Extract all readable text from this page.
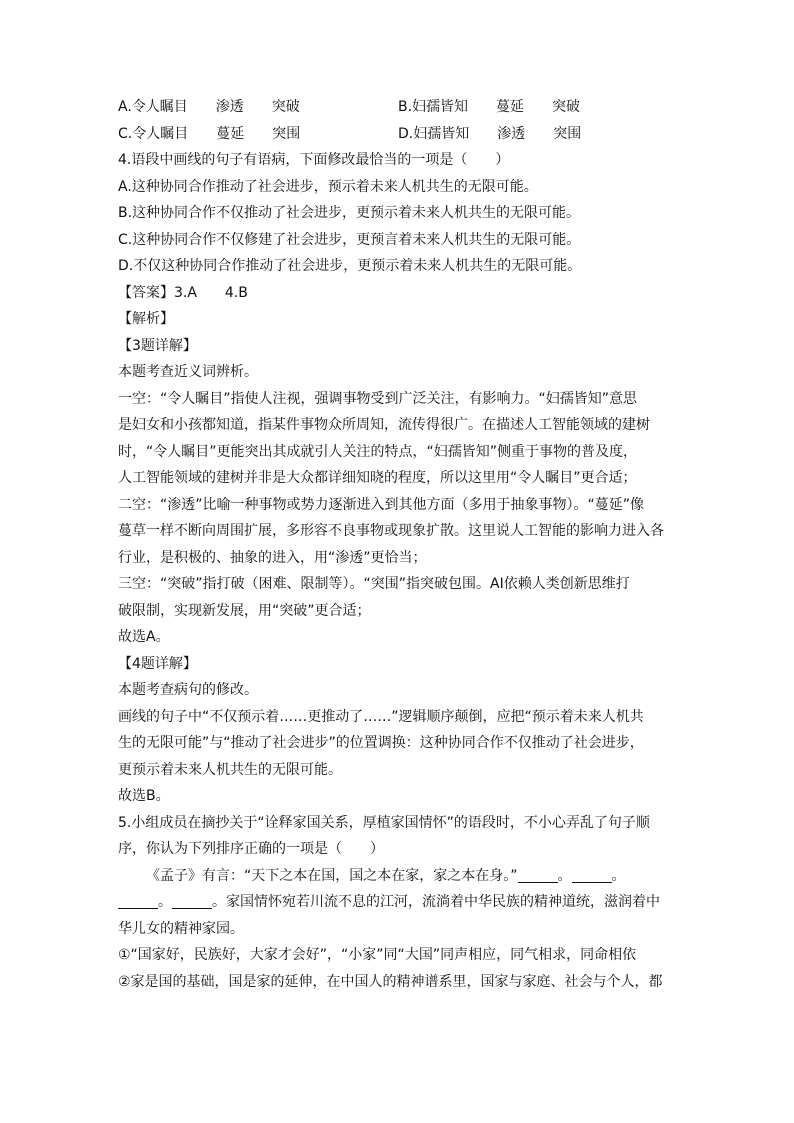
A.令人瞩目　　渗透　　突破	B.妇孺皆知　　蔓延　　突破
C.令人瞩目　　蔓延　　突围	D.妇孺皆知　　渗透　　突围
4.语段中画线的句子有语病，下面修改最恰当的一项是（　　）
A.这种协同合作推动了社会进步，预示着未来人机共生的无限可能。
B.这种协同合作不仅推动了社会进步，更预示着未来人机共生的无限可能。
C.这种协同合作不仅修建了社会进步，更预言着未来人机共生的无限可能。
D.不仅这种协同合作推动了社会进步，更预示着未来人机共生的无限可能。
【答案】3.A　　4.B
【解析】
【3题详解】
本题考查近义词辨析。
一空：“令人瞩目”指使人注视，强调事物受到广泛关注，有影响力。“妇孺皆知”意思
是妇女和小孩都知道，指某件事物众所周知，流传得很广。在描述人工智能领域的建树
时，“令人瞩目”更能突出其成就引人关注的特点，“妇孺皆知”侧重于事物的普及度，
人工智能领域的建树并非是大众都详细知晓的程度，所以这里用“令人瞩目”更合适；
二空：“渗透”比喻一种事物或势力逐渐进入到其他方面（多用于抽象事物）。“蔓延”像
蔓草一样不断向周围扩展，多形容不良事物或现象扩散。这里说人工智能的影响力进入各
行业，是积极的、抽象的进入，用“渗透”更恰当；
三空：“突破”指打破（困难、限制等）。“突围”指突破包围。AI依赖人类创新思维打
破限制，实现新发展，用“突破”更合适；
故选A。
【4题详解】
本题考查病句的修改。
画线的句子中“不仅预示着……更推动了……”逻辑顺序颠倒，应把“预示着未来人机共
生的无限可能”与“推动了社会进步”的位置调换：这种协同合作不仅推动了社会进步，
更预示着未来人机共生的无限可能。
故选B。
5.小组成员在摘抄关于“诠释家国关系，厚植家国情怀”的语段时，不小心弄乱了句子顺
序，你认为下列排序正确的一项是（　　）
《孟子》有言：“天下之本在国，国之本在家，家之本在身。”	。	。
。	。家国情怀宛若川流不息的江河，流淌着中华民族的精神道统，滋润着中
华儿女的精神家园。
①“国家好，民族好，大家才会好”，“小家”同“大国”同声相应，同气相求，同命相依
②家是国的基础，国是家的延伸，在中国人的精神谱系里，国家与家庭、社会与个人，都
